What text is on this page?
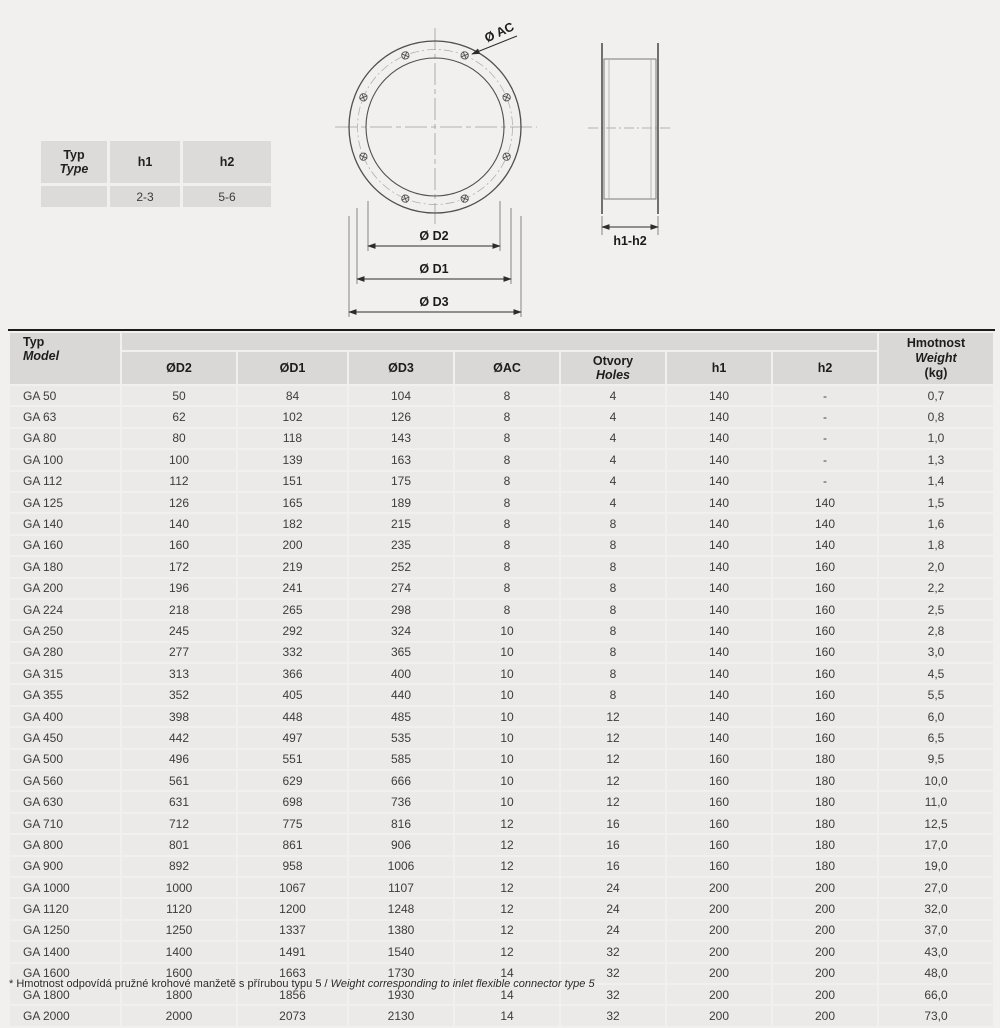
Typ
Type	h1	h2
	2-3	5-6
Ø AC
Ø D2
Ø D1
Ø D3
h1-h2
Typ
Model								Hmotnost
Weight
(kg)

	ØD2	ØD1	ØD3	ØAC	Otvory
Holes	h1	h2	

GA 50	50	84	104	8	4	140	-	0,7
GA 63	62	102	126	8	4	140	-	0,8
GA 80	80	118	143	8	4	140	-	1,0
GA 100	100	139	163	8	4	140	-	1,3
GA 112	112	151	175	8	4	140	-	1,4
GA 125	126	165	189	8	4	140	140	1,5
GA 140	140	182	215	8	8	140	140	1,6
GA 160	160	200	235	8	8	140	140	1,8
GA 180	172	219	252	8	8	140	160	2,0
GA 200	196	241	274	8	8	140	160	2,2
GA 224	218	265	298	8	8	140	160	2,5
GA 250	245	292	324	10	8	140	160	2,8
GA 280	277	332	365	10	8	140	160	3,0
GA 315	313	366	400	10	8	140	160	4,5
GA 355	352	405	440	10	8	140	160	5,5
GA 400	398	448	485	10	12	140	160	6,0
GA 450	442	497	535	10	12	140	160	6,5
GA 500	496	551	585	10	12	160	180	9,5
GA 560	561	629	666	10	12	160	180	10,0
GA 630	631	698	736	10	12	160	180	11,0
GA 710	712	775	816	12	16	160	180	12,5
GA 800	801	861	906	12	16	160	180	17,0
GA 900	892	958	1006	12	16	160	180	19,0
GA 1000	1000	1067	1107	12	24	200	200	27,0
GA 1120	1120	1200	1248	12	24	200	200	32,0
GA 1250	1250	1337	1380	12	24	200	200	37,0
GA 1400	1400	1491	1540	12	32	200	200	43,0
GA 1600	1600	1663	1730	14	32	200	200	48,0
GA 1800	1800	1856	1930	14	32	200	200	66,0
GA 2000	2000	2073	2130	14	32	200	200	73,0
* Hmotnost odpovídá pružné krohové manžetě s přírubou typu 5 / Weight corresponding to inlet flexible connector type 5
